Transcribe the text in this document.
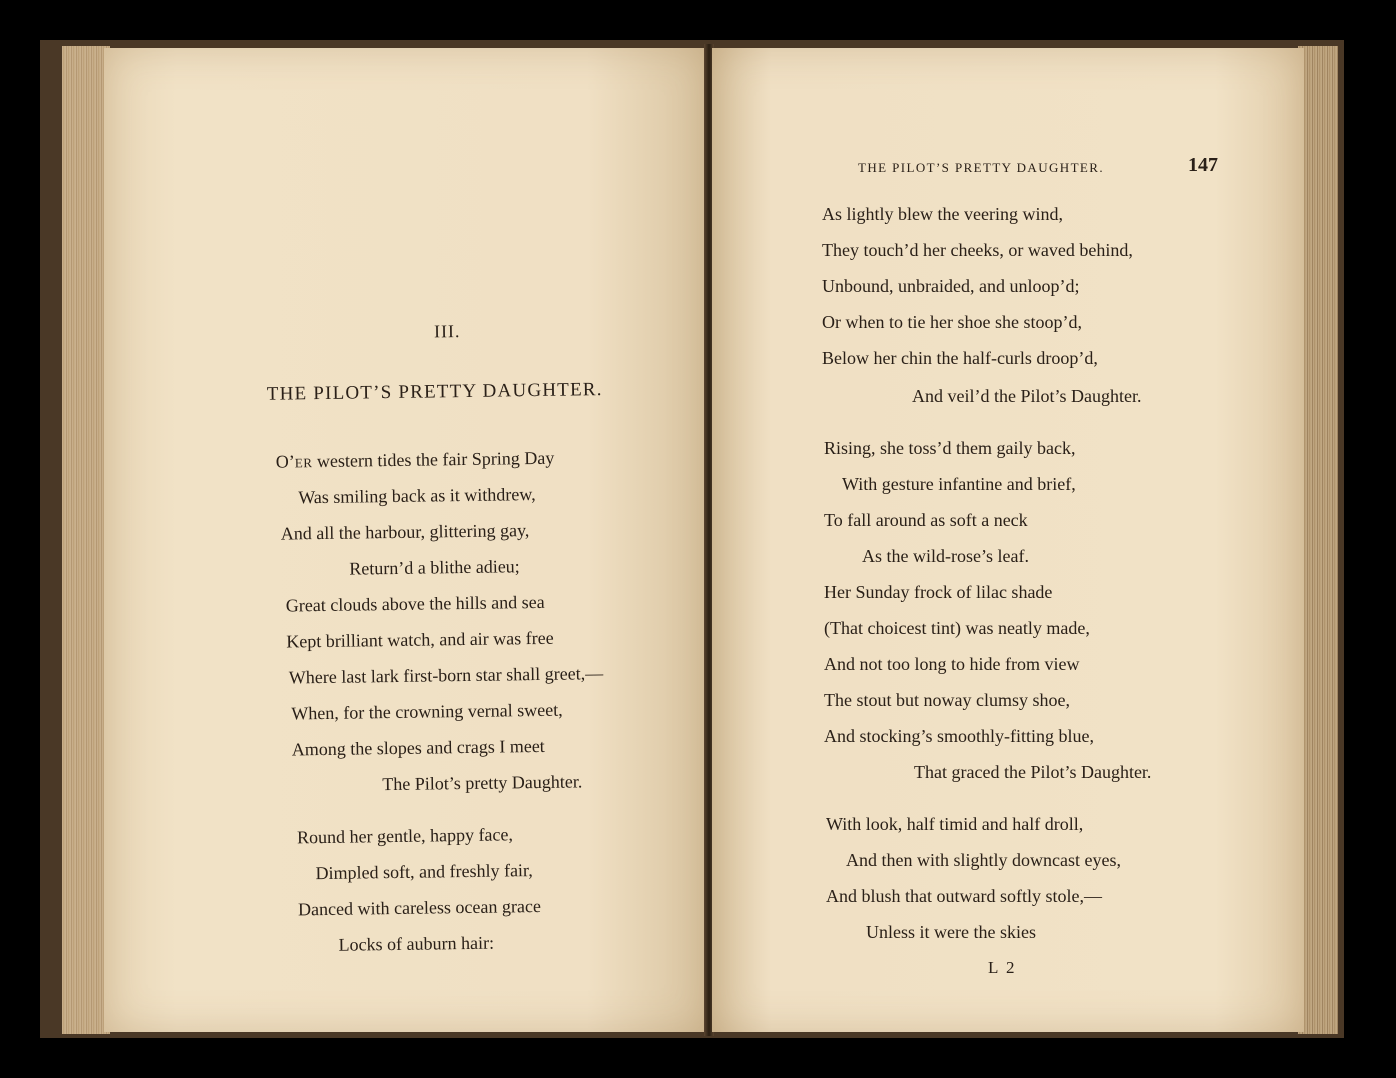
III.
THE PILOT’S PRETTY DAUGHTER.
O’ER western tides the fair Spring Day
Was smiling back as it withdrew,
And all the harbour, glittering gay,
Return’d a blithe adieu;
Great clouds above the hills and sea
Kept brilliant watch, and air was free
Where last lark first-born star shall greet,—
When, for the crowning vernal sweet,
Among the slopes and crags I meet
The Pilot’s pretty Daughter.
Round her gentle, happy face,
Dimpled soft, and freshly fair,
Danced with careless ocean grace
Locks of auburn hair:
THE PILOT’S PRETTY DAUGHTER.	147
As lightly blew the veering wind,
They touch’d her cheeks, or waved behind,
Unbound, unbraided, and unloop’d;
Or when to tie her shoe she stoop’d,
Below her chin the half-curls droop’d,
And veil’d the Pilot’s Daughter.
Rising, she toss’d them gaily back,
With gesture infantine and brief,
To fall around as soft a neck
As the wild-rose’s leaf.
Her Sunday frock of lilac shade
(That choicest tint) was neatly made,
And not too long to hide from view
The stout but noway clumsy shoe,
And stocking’s smoothly-fitting blue,
That graced the Pilot’s Daughter.
With look, half timid and half droll,
And then with slightly downcast eyes,
And blush that outward softly stole,—
Unless it were the skies
L 2
